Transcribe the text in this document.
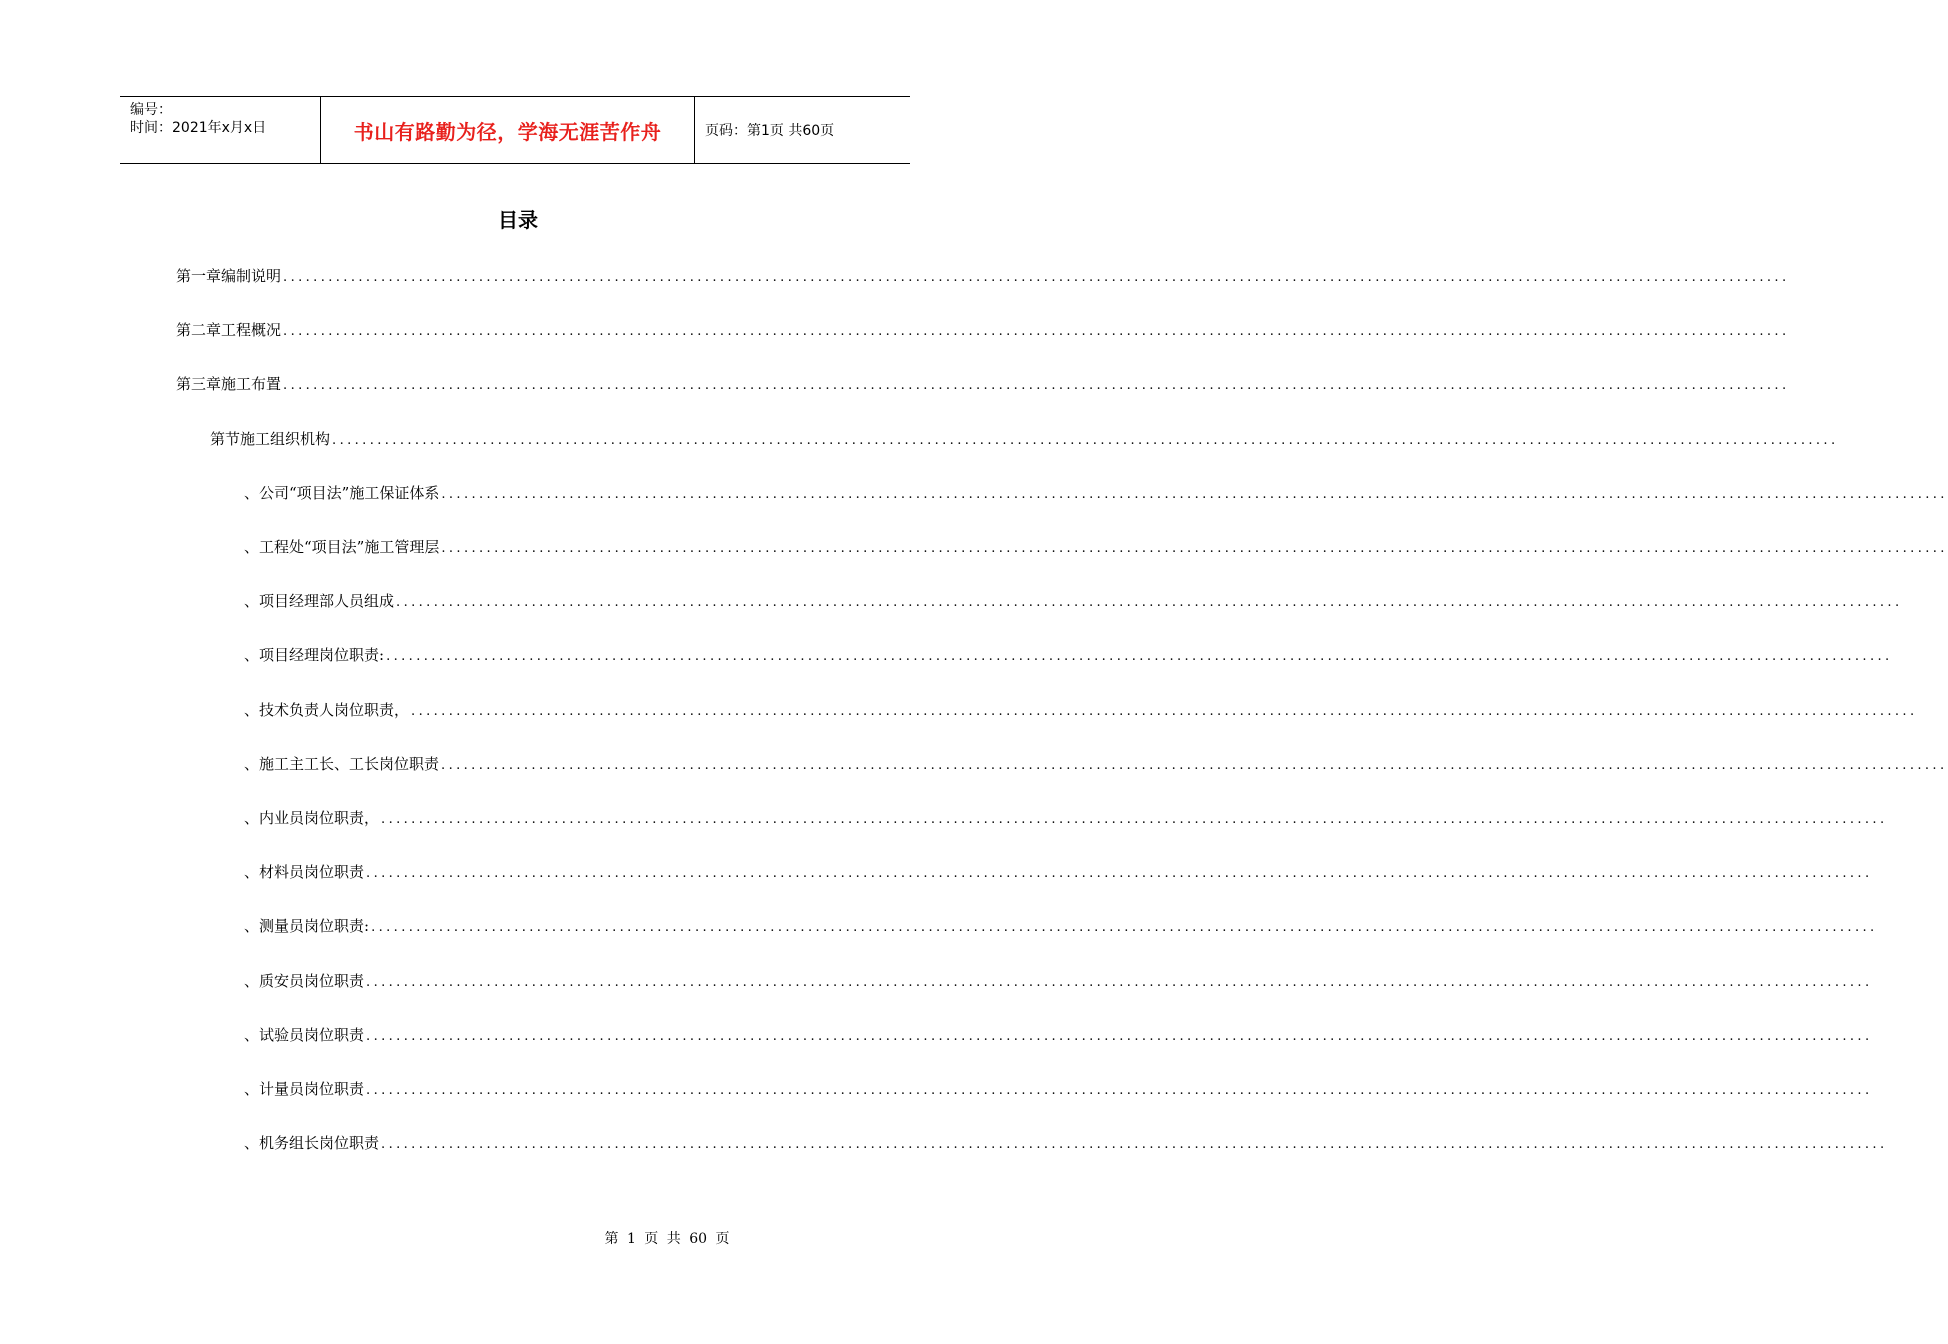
编号：
时间：2021年x月x日	书山有路勤为径，学海无涯苦作舟	页码：第1页 共60页
目录
第一章 编制说明 ........................................................................................................................................................................................................
第二章 工程概况 ........................................................................................................................................................................................................
第三章 施工布置 ........................................................................................................................................................................................................
第节 施工组织机构 ........................................................................................................................................................................................................
、 公司“项目法”施工保证体系 ........................................................................................................................................................................................................
、 工程处“项目法”施工管理层 ........................................................................................................................................................................................................
、 项目经理部人员组成 ........................................................................................................................................................................................................
、 项目经理岗位职责: ........................................................................................................................................................................................................
、 技术负责人岗位职责， ........................................................................................................................................................................................................
、 施工主工长、工长岗位职责 ........................................................................................................................................................................................................
、 内业员岗位职责， ........................................................................................................................................................................................................
、 材料员岗位职责 ........................................................................................................................................................................................................
、 测量员岗位职责: ........................................................................................................................................................................................................
、 质安员岗位职责 ........................................................................................................................................................................................................
、 试验员岗位职责 ........................................................................................................................................................................................................
、 计量员岗位职责 ........................................................................................................................................................................................................
、 机务组长岗位职责 ........................................................................................................................................................................................................
第 1 页 共 60 页
